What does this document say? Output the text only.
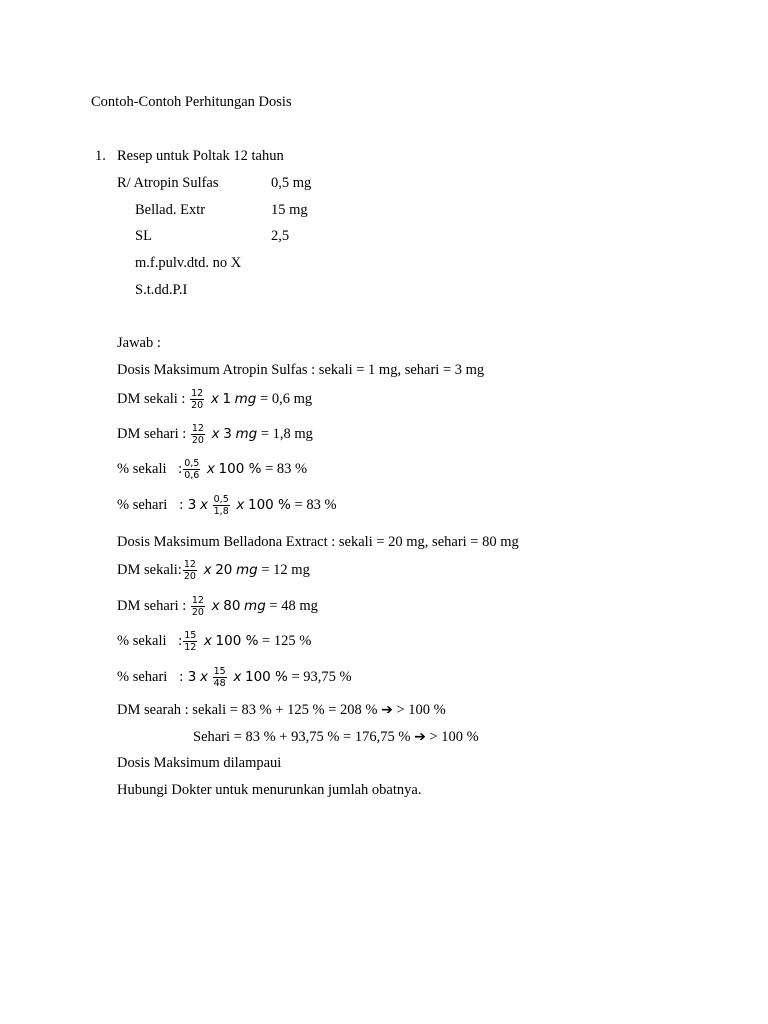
Contoh-Contoh Perhitungan Dosis
1. Resep untuk Poltak 12 tahun
R/ Atropin Sulfas	0,5 mg
Bellad. Extr	15 mg
SL	2,5
m.f.pulv.dtd. no X
S.t.dd.P.I
Jawab :
Dosis Maksimum Atropin Sulfas : sekali = 1 mg, sehari = 3 mg
DM sekali : $\frac{12}{20}$ x 1 mg = 0,6 mg
DM sehari : $\frac{12}{20}$ x 3 mg = 1,8 mg
% sekali : $\frac{0,5}{0,6}$ x 100 % = 83 %
% sehari : 3 x $\frac{0,5}{1,8}$ x 100 % = 83 %
Dosis Maksimum Belladona Extract : sekali = 20 mg, sehari = 80 mg
DM sekali: $\frac{12}{20}$ x 20 mg = 12 mg
DM sehari : $\frac{12}{20}$ x 80 mg = 48 mg
% sekali : $\frac{15}{12}$ x 100 % = 125 %
% sehari : 3 x $\frac{15}{48}$ x 100 % = 93,75 %
DM searah : sekali = 83 % + 125 % = 208 % ➔ > 100 %
Sehari = 83 % + 93,75 % = 176,75 % ➔ > 100 %
Dosis Maksimum dilampaui
Hubungi Dokter untuk menurunkan jumlah obatnya.
